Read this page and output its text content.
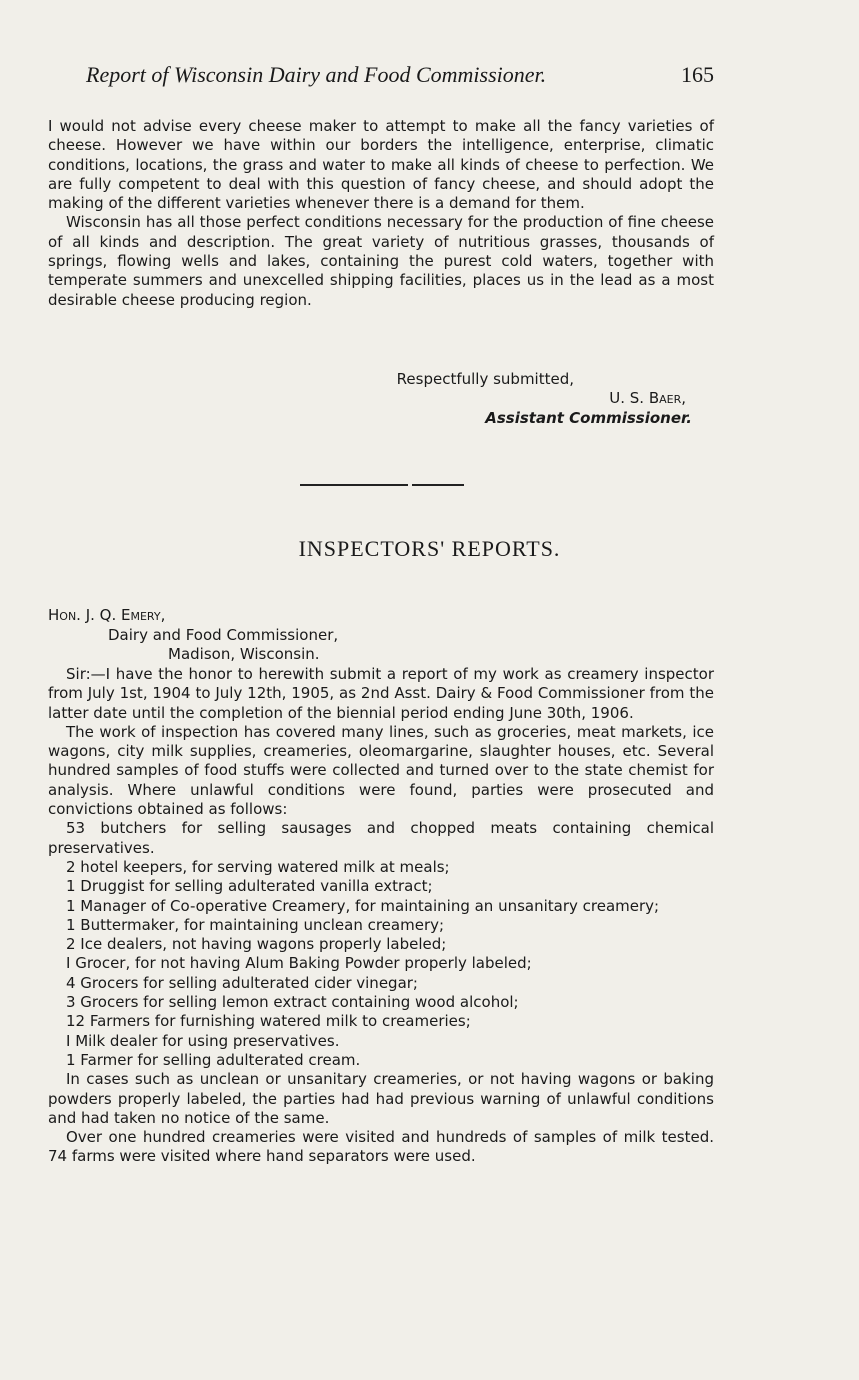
Report of Wisconsin Dairy and Food Commissioner.	165

I would not advise every cheese maker to attempt to make all the fancy varieties of cheese. However we have within our borders the intelligence, enterprise, climatic conditions, locations, the grass and water to make all kinds of cheese to perfection. We are fully competent to deal with this question of fancy cheese, and should adopt the making of the different varieties whenever there is a demand for them.

Wisconsin has all those perfect conditions necessary for the production of fine cheese of all kinds and description. The great variety of nutritious grasses, thousands of springs, flowing wells and lakes, containing the purest cold waters, together with temperate summers and unexcelled shipping facilities, places us in the lead as a most desirable cheese producing region.

Respectfully submitted,
U. S. Baer,
Assistant Commissioner.
INSPECTORS' REPORTS.
Hon. J. Q. Emery,
Dairy and Food Commissioner,
Madison, Wisconsin.

Sir:—I have the honor to herewith submit a report of my work as creamery inspector from July 1st, 1904 to July 12th, 1905, as 2nd Asst. Dairy & Food Commissioner from the latter date until the completion of the biennial period ending June 30th, 1906.

The work of inspection has covered many lines, such as groceries, meat markets, ice wagons, city milk supplies, creameries, oleomargarine, slaughter houses, etc. Several hundred samples of food stuffs were collected and turned over to the state chemist for analysis. Where unlawful conditions were found, parties were prosecuted and convictions obtained as follows:

53 butchers for selling sausages and chopped meats containing chemical preservatives.

2 hotel keepers, for serving watered milk at meals;

1 Druggist for selling adulterated vanilla extract;

1 Manager of Co-operative Creamery, for maintaining an unsanitary creamery;

1 Buttermaker, for maintaining unclean creamery;

2 Ice dealers, not having wagons properly labeled;

I Grocer, for not having Alum Baking Powder properly labeled;

4 Grocers for selling adulterated cider vinegar;

3 Grocers for selling lemon extract containing wood alcohol;

12 Farmers for furnishing watered milk to creameries;

I Milk dealer for using preservatives.

1 Farmer for selling adulterated cream.

In cases such as unclean or unsanitary creameries, or not having wagons or baking powders properly labeled, the parties had had previous warning of unlawful conditions and had taken no notice of the same.

Over one hundred creameries were visited and hundreds of samples of milk tested. 74 farms were visited where hand separators were used.
